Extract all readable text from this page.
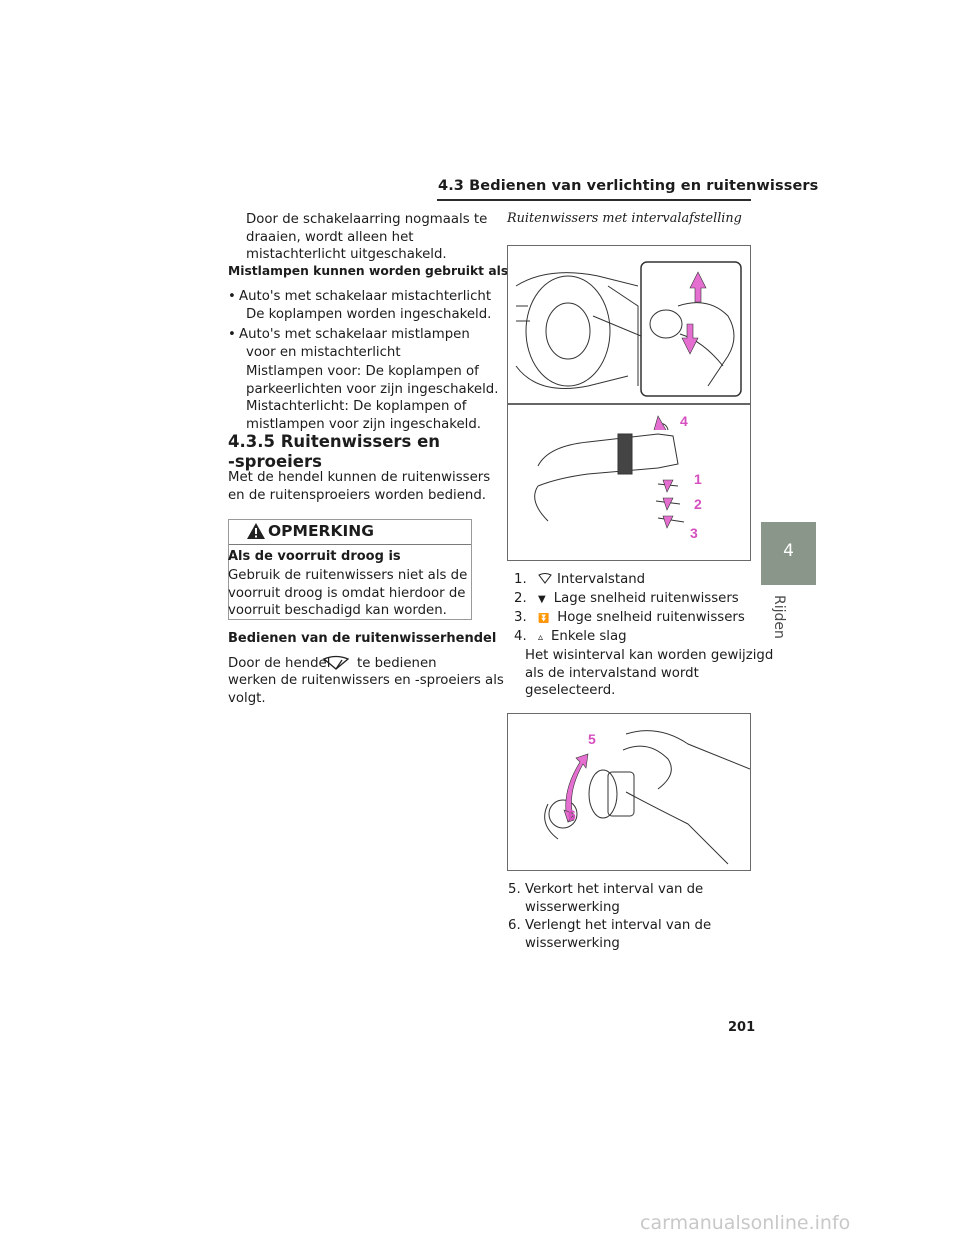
4.3 Bedienen van verlichting en ruitenwissers
4
Rijden
Door de schakelaarring nogmaals te
draaien, wordt alleen het
mistachterlicht uitgeschakeld.
Mistlampen kunnen worden gebruikt als
• Auto's met schakelaar mistachterlicht
De koplampen worden ingeschakeld.
• Auto's met schakelaar mistlampen
voor en mistachterlicht
Mistlampen voor: De koplampen of
parkeerlichten voor zijn ingeschakeld.
Mistachterlicht: De koplampen of
mistlampen voor zijn ingeschakeld.
4.3.5 Ruitenwissers en
-sproeiers
Met de hendel kunnen de ruitenwissers
en de ruitensproeiers worden bediend.
OPMERKING
Als de voorruit droog is
Gebruik de ruitenwissers niet als de
voorruit droog is omdat hierdoor de
voorruit beschadigd kan worden.
Bedienen van de ruitenwisserhendel
Door de hendel te bedienen
werken de ruitenwissers en -sproeiers als
volgt.
Ruitenwissers met intervalafstelling
4
1
2
3
1. Intervalstand
2. ▼ Lage snelheid ruitenwissers
3. ⏬ Hoge snelheid ruitenwissers
4. ▵ Enkele slag
Het wisinterval kan worden gewijzigd
als de intervalstand wordt
geselecteerd.
5
6
5. Verkort het interval van de
wisserwerking
6. Verlengt het interval van de
wisserwerking
201
carmanualsonline.info
